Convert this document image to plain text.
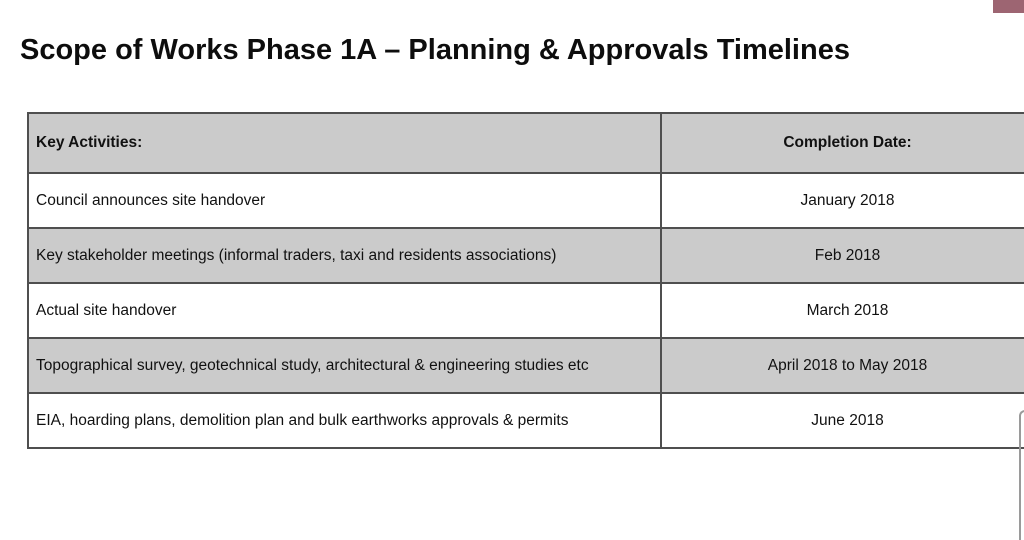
Scope of Works Phase 1A – Planning & Approvals Timelines
Key Activities:	Completion Date:
Council announces site handover	January 2018
Key stakeholder meetings (informal traders, taxi and residents associations)	Feb 2018
Actual site handover	March 2018
Topographical survey, geotechnical study, architectural & engineering studies etc	April 2018 to May 2018
EIA, hoarding plans, demolition plan and bulk earthworks approvals & permits	June 2018
